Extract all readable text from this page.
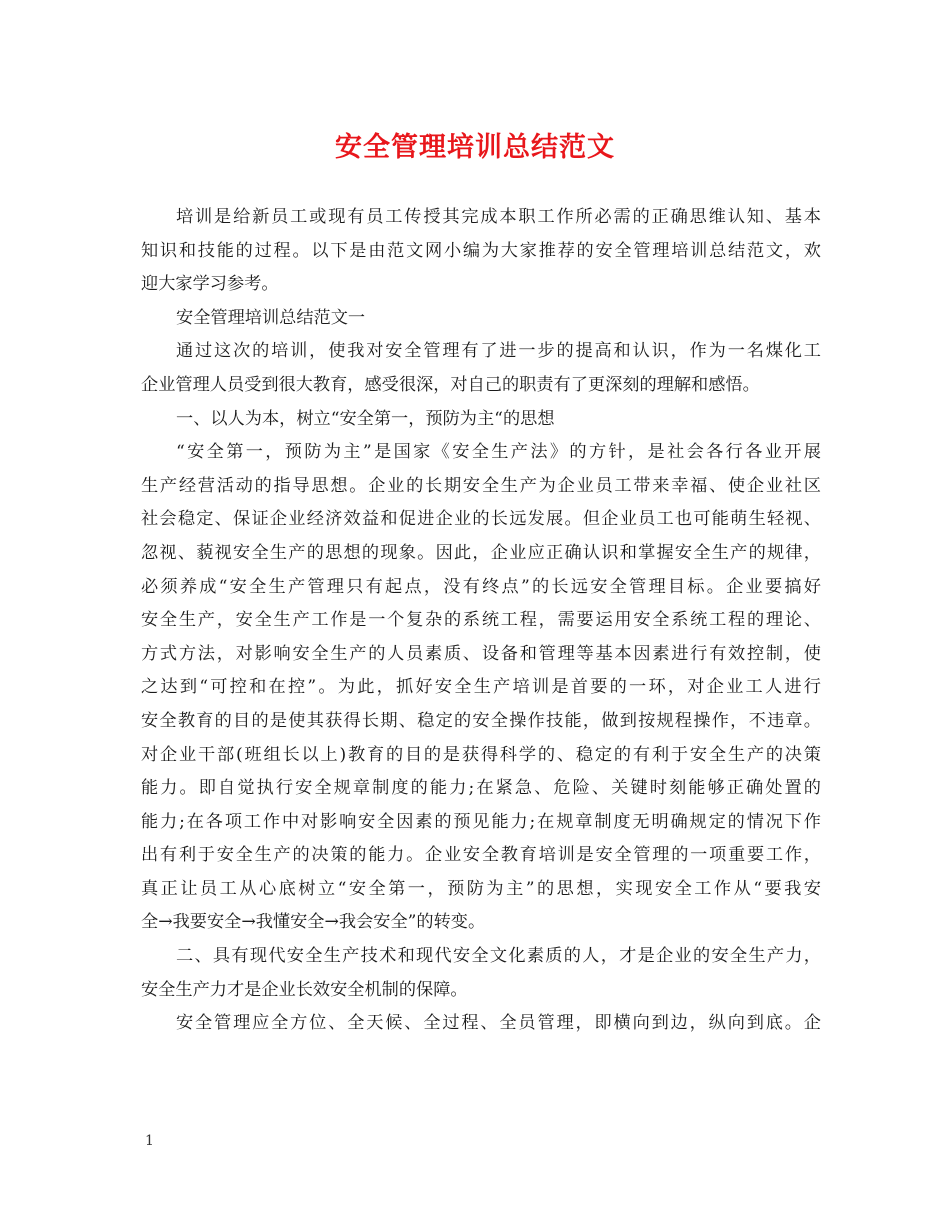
安全管理培训总结范文
培训是给新员工或现有员工传授其完成本职工作所必需的正确思维认知、基本
知识和技能的过程。以下是由范文网小编为大家推荐的安全管理培训总结范文，欢
迎大家学习参考。
安全管理培训总结范文一
通过这次的培训，使我对安全管理有了进一步的提高和认识，作为一名煤化工
企业管理人员受到很大教育，感受很深，对自己的职责有了更深刻的理解和感悟。
一、以人为本，树立“安全第一，预防为主“的思想
“安全第一，预防为主”是国家《安全生产法》的方针，是社会各行各业开展
生产经营活动的指导思想。企业的长期安全生产为企业员工带来幸福、使企业社区
社会稳定、保证企业经济效益和促进企业的长远发展。但企业员工也可能萌生轻视、
忽视、藐视安全生产的思想的现象。因此，企业应正确认识和掌握安全生产的规律，
必须养成“安全生产管理只有起点，没有终点”的长远安全管理目标。企业要搞好
安全生产，安全生产工作是一个复杂的系统工程，需要运用安全系统工程的理论、
方式方法，对影响安全生产的人员素质、设备和管理等基本因素进行有效控制，使
之达到“可控和在控”。为此，抓好安全生产培训是首要的一环，对企业工人进行
安全教育的目的是使其获得长期、稳定的安全操作技能，做到按规程操作，不违章。
对企业干部(班组长以上)教育的目的是获得科学的、稳定的有利于安全生产的决策
能力。即自觉执行安全规章制度的能力;在紧急、危险、关键时刻能够正确处置的
能力;在各项工作中对影响安全因素的预见能力;在规章制度无明确规定的情况下作
出有利于安全生产的决策的能力。企业安全教育培训是安全管理的一项重要工作，
真正让员工从心底树立“安全第一，预防为主”的思想，实现安全工作从“要我安
全→我要安全→我懂安全→我会安全”的转变。
二、具有现代安全生产技术和现代安全文化素质的人，才是企业的安全生产力，
安全生产力才是企业长效安全机制的保障。
安全管理应全方位、全天候、全过程、全员管理，即横向到边，纵向到底。企
1
